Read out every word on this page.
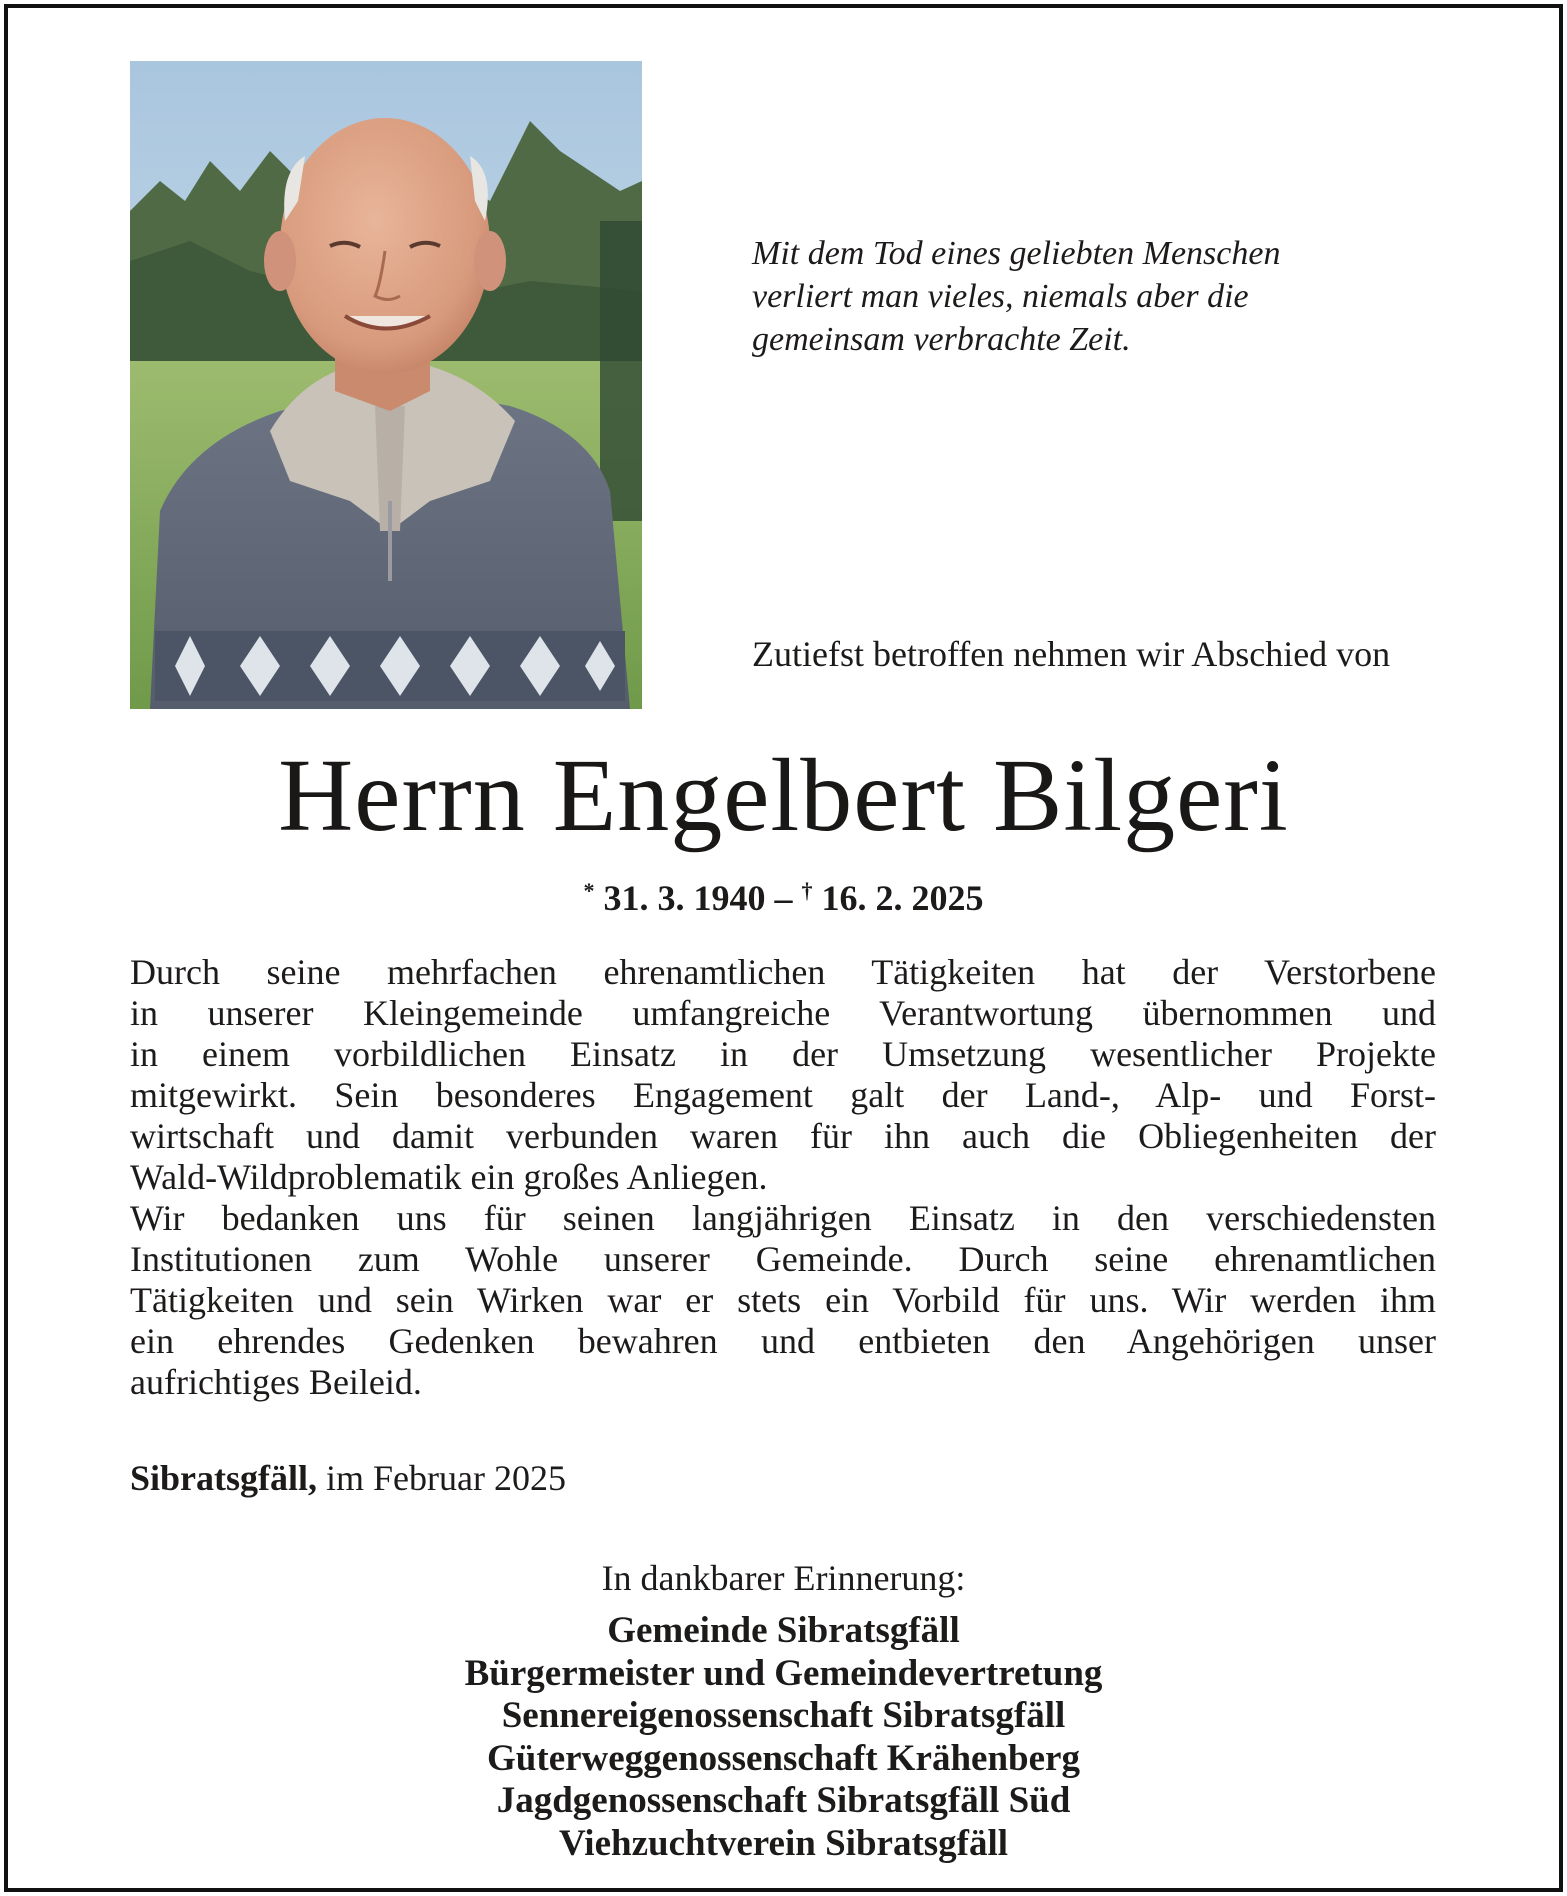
Mit dem Tod eines geliebten Menschen
verliert man vieles, niemals aber die
gemeinsam verbrachte Zeit.
Zutiefst betroffen nehmen wir Abschied von
Herrn Engelbert Bilgeri
* 31. 3. 1940 – † 16. 2. 2025
Durch seine mehrfachen ehrenamtlichen Tätigkeiten hat der Verstorbene
in unserer Kleingemeinde umfangreiche Verantwortung übernommen und
in einem vorbildlichen Einsatz in der Umsetzung wesentlicher Projekte
mitgewirkt. Sein besonderes Engagement galt der Land-, Alp- und Forst-
wirtschaft und damit verbunden waren für ihn auch die Obliegenheiten der
Wald-Wildproblematik ein großes Anliegen.
Wir bedanken uns für seinen langjährigen Einsatz in den verschiedensten
Institutionen zum Wohle unserer Gemeinde. Durch seine ehrenamtlichen
Tätigkeiten und sein Wirken war er stets ein Vorbild für uns. Wir werden ihm
ein ehrendes Gedenken bewahren und entbieten den Angehörigen unser
aufrichtiges Beileid.
Sibratsgfäll, im Februar 2025
In dankbarer Erinnerung:
Gemeinde Sibratsgfäll
Bürgermeister und Gemeindevertretung
Sennereigenossenschaft Sibratsgfäll
Güterweggenossenschaft Krähenberg
Jagdgenossenschaft Sibratsgfäll Süd
Viehzuchtverein Sibratsgfäll
